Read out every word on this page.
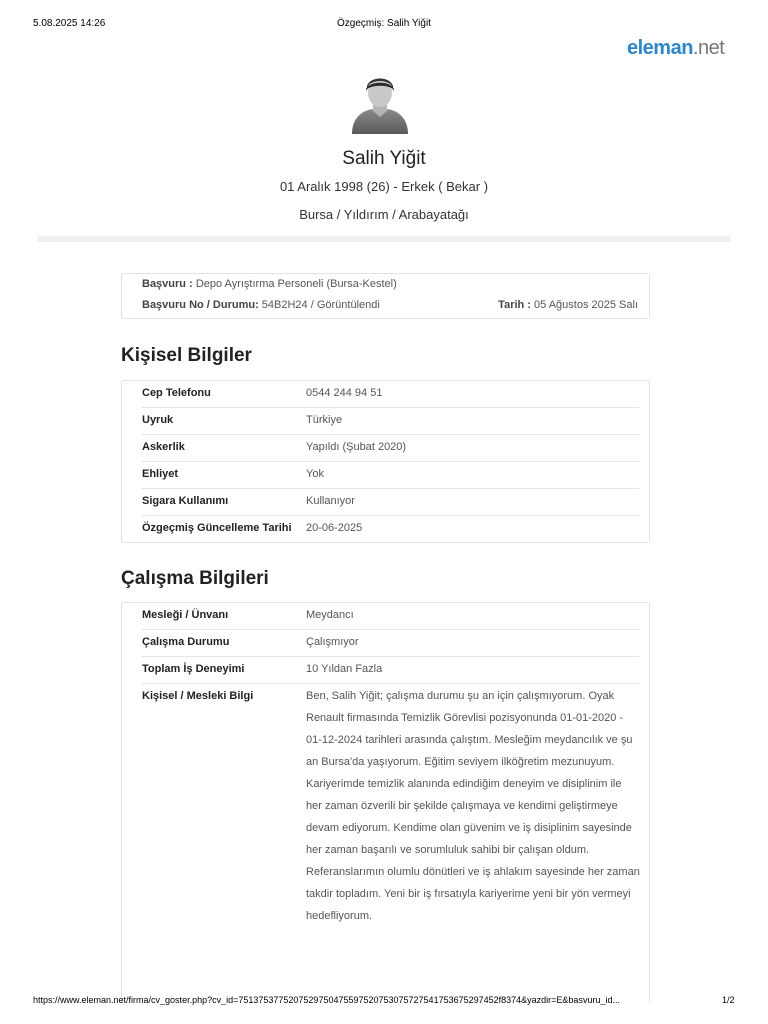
5.08.2025 14:26	Özgeçmiş: Salih Yiğit
eleman.net
Salih Yiğit
01 Aralık 1998 (26) - Erkek ( Bekar )
Bursa / Yıldırım / Arabayatağı
Başvuru : Depo Ayrıştırma Personeli (Bursa-Kestel)
Başvuru No / Durumu: 54B2H24 / Görüntülendi	Tarih : 05 Ağustos 2025 Salı
Kişisel Bilgiler
Cep Telefonu	0544 244 94 51
Uyruk	Türkiye
Askerlik	Yapıldı (Şubat 2020)
Ehliyet	Yok
Sigara Kullanımı	Kullanıyor
Özgeçmiş Güncelleme Tarihi	20-06-2025
Çalışma Bilgileri
Mesleği / Ünvanı	Meydancı
Çalışma Durumu	Çalışmıyor
Toplam İş Deneyimi	10 Yıldan Fazla
Kişisel / Mesleki Bilgi	Ben, Salih Yiğit; çalışma durumu şu an için çalışmıyorum. Oyak Renault firmasında Temizlik Görevlisi pozisyonunda 01-01-2020 - 01-12-2024 tarihleri arasında çalıştım. Mesleğim meydancılık ve şu an Bursa'da yaşıyorum. Eğitim seviyem ilköğretim mezunuyum.
Kariyerimde temizlik alanında edindiğim deneyim ve disiplinim ile her zaman özverili bir şekilde çalışmaya ve kendimi geliştirmeye devam ediyorum. Kendime olan güvenim ve iş disiplinim sayesinde her zaman başarılı ve sorumluluk sahibi bir çalışan oldum.
Referanslarımın olumlu dönütleri ve iş ahlakım sayesinde her zaman takdir topladım. Yeni bir iş fırsatıyla kariyerime yeni bir yön vermeyi hedefliyorum.
https://www.eleman.net/firma/cv_goster.php?cv_id=7513753775207529750475597520753075727541753675297452f8374&yazdir=E&basvuru_id...	1/2
